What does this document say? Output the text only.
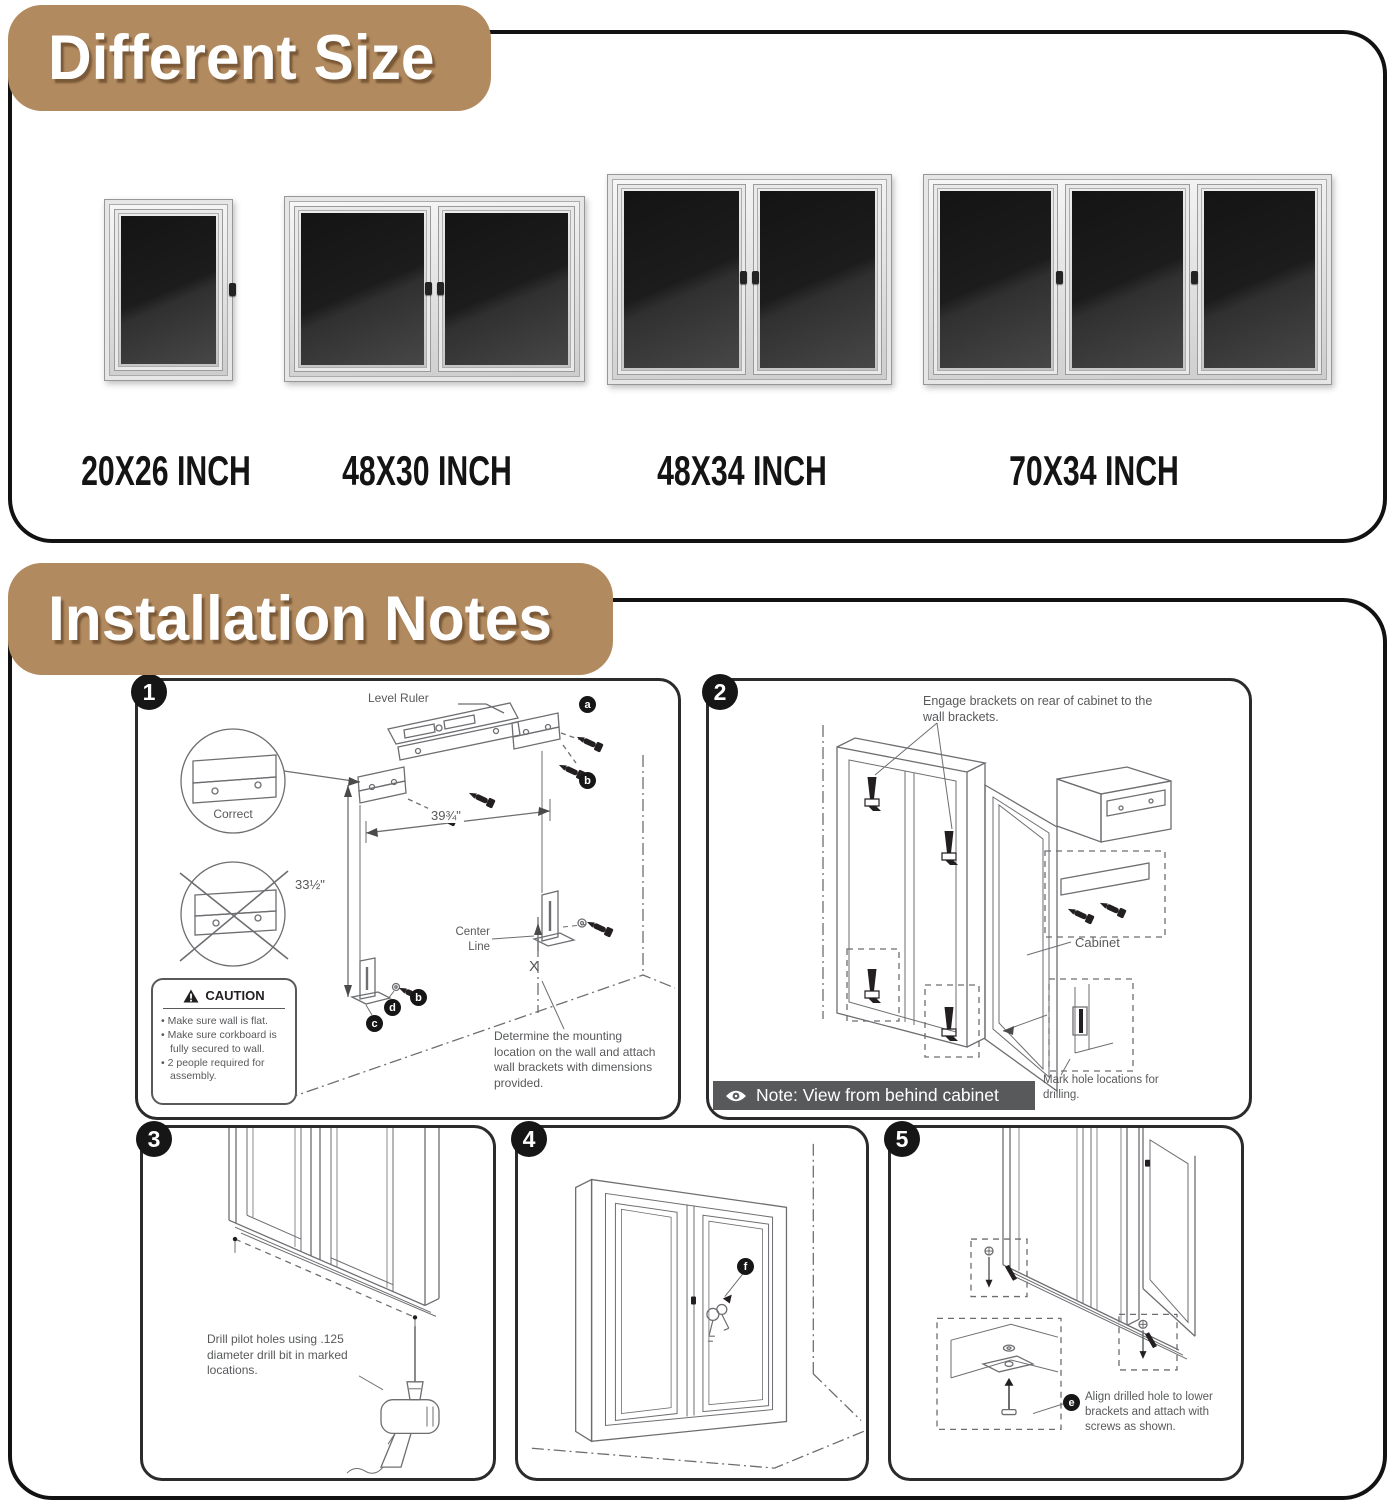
Different Size
20X26 INCH	48X30 INCH	48X34 INCH	70X34 INCH
Installation Notes
1	Level Ruler
Correct	39¾"
33½"
Center Line
X
a
b
c
d
b
CAUTION
• Make sure wall is flat.
• Make sure corkboard is fully secured to wall.
• 2 people required for assembly.
Determine the mounting location on the wall and attach wall brackets with dimensions provided.
2	Engage brackets on rear of cabinet to the wall brackets.
Cabinet
Mark hole locations for drilling.
Note: View from behind cabinet
3
Drill pilot holes using .125 diameter drill bit in marked locations.
4
f
5
e Align drilled hole to lower brackets and attach with screws as shown.
